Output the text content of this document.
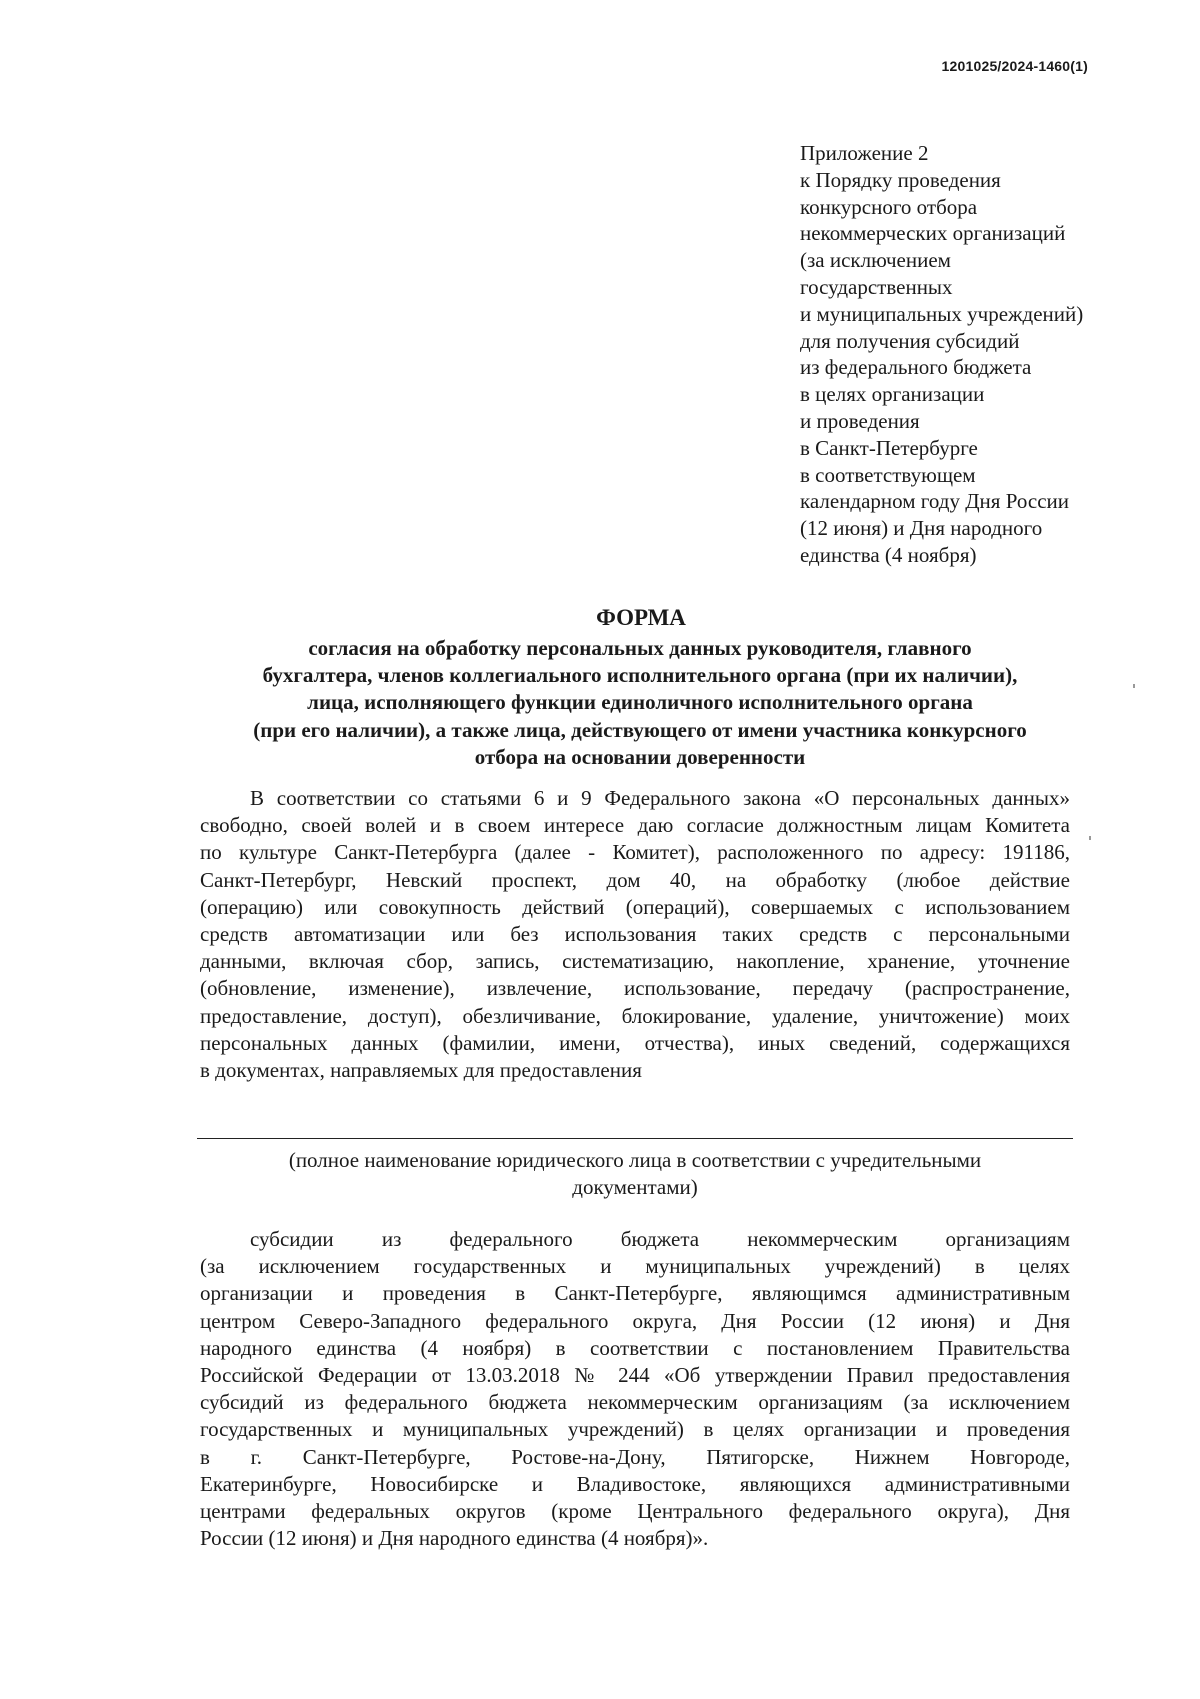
1201025/2024-1460(1)
Приложение 2
к Порядку проведения
конкурсного отбора
некоммерческих организаций
(за исключением
государственных
и муниципальных учреждений)
для получения субсидий
из федерального бюджета
в целях организации
и проведения
в Санкт-Петербурге
в соответствующем
календарном году Дня России
(12 июня) и Дня народного
единства (4 ноября)
ФОРМА
согласия на обработку персональных данных руководителя, главного
бухгалтера, членов коллегиального исполнительного органа (при их наличии),
лица, исполняющего функции единоличного исполнительного органа
(при его наличии), а также лица, действующего от имени участника конкурсного
отбора на основании доверенности
В соответствии со статьями 6 и 9 Федерального закона «О персональных данных»
свободно, своей волей и в своем интересе даю согласие должностным лицам Комитета
по культуре Санкт-Петербурга (далее - Комитет), расположенного по адресу: 191186,
Санкт-Петербург, Невский проспект, дом 40, на обработку (любое действие
(операцию) или совокупность действий (операций), совершаемых с использованием
средств автоматизации или без использования таких средств с персональными
данными, включая сбор, запись, систематизацию, накопление, хранение, уточнение
(обновление, изменение), извлечение, использование, передачу (распространение,
предоставление, доступ), обезличивание, блокирование, удаление, уничтожение) моих
персональных данных (фамилии, имени, отчества), иных сведений, содержащихся
в документах, направляемых для предоставления
(полное наименование юридического лица в соответствии с учредительными
документами)
субсидии из федерального бюджета некоммерческим организациям
(за исключением государственных и муниципальных учреждений) в целях
организации и проведения в Санкт-Петербурге, являющимся административным
центром Северо-Западного федерального округа, Дня России (12 июня) и Дня
народного единства (4 ноября) в соответствии с постановлением Правительства
Российской Федерации от 13.03.2018 № 244 «Об утверждении Правил предоставления
субсидий из федерального бюджета некоммерческим организациям (за исключением
государственных и муниципальных учреждений) в целях организации и проведения
в г. Санкт-Петербурге, Ростове-на-Дону, Пятигорске, Нижнем Новгороде,
Екатеринбурге, Новосибирске и Владивостоке, являющихся административными
центрами федеральных округов (кроме Центрального федерального округа), Дня
России (12 июня) и Дня народного единства (4 ноября)».
